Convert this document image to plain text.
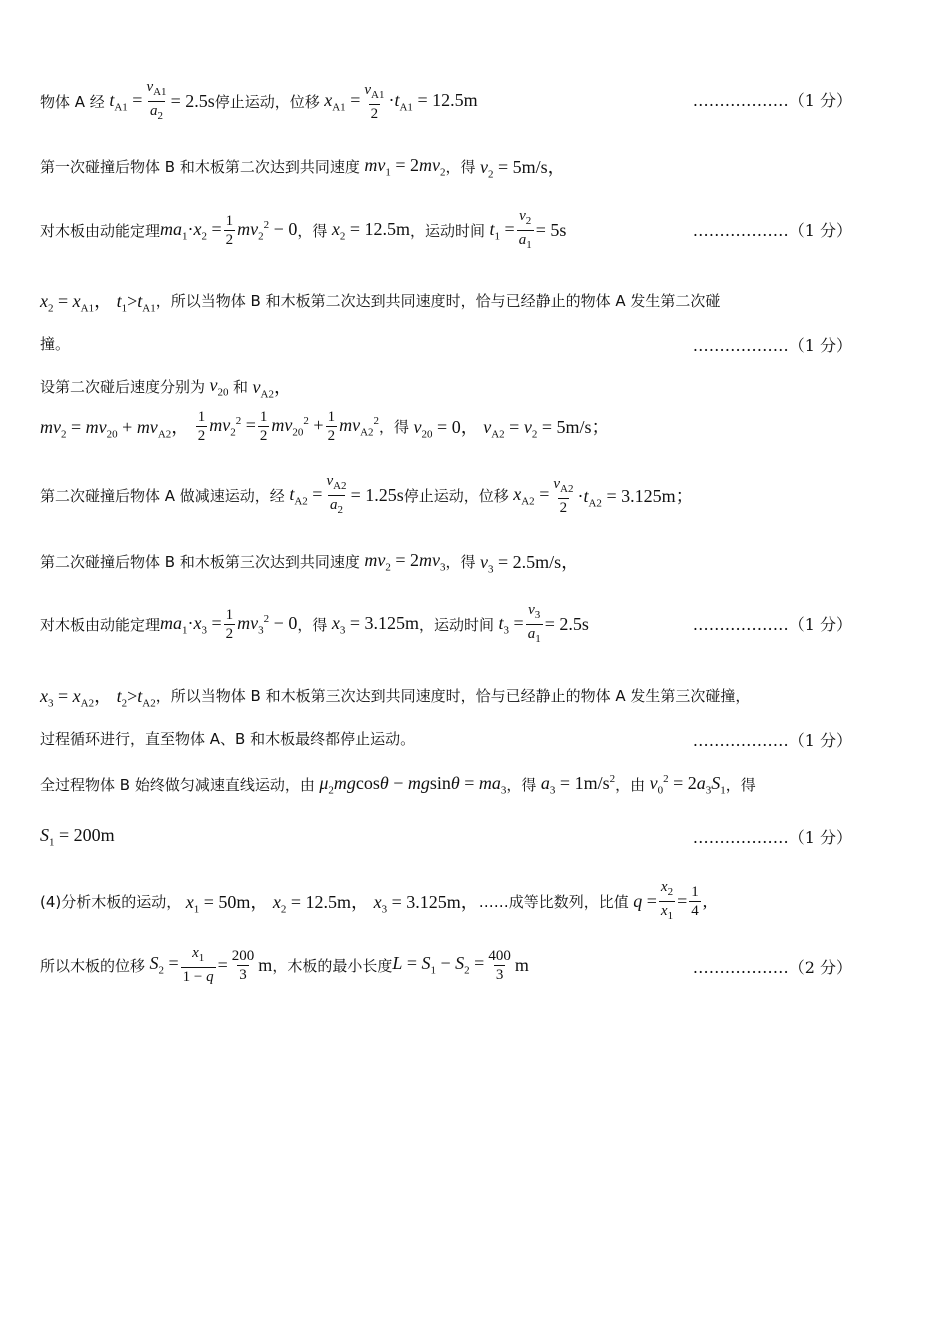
物体 A 经 $t_{A1} = \frac{v_{A1}}{a_2} = 2.5s$ 停止运动，位移 $x_{A1} = \frac{v_{A1}}{2} \cdot t_{A1} = 12.5m$	………………（1 分）
第一次碰撞后物体 B 和木板第二次达到共同速度 $mv_1 = 2mv_2$ ，得 $v_2 = 5m/s$，
对木板由动能定理 $ma_1\cdot x_2 = \frac{1}{2} mv_2^2 - 0$ ，得 $x_2 = 12.5m$ ，运动时间 $t_1 = \frac{v_2}{a_1} = 5s$	………………（1 分）
$x_2 = x_{A1}$， $t_1>t_{A1}$ ，所以当物体 B 和木板第二次达到共同速度时，恰与已经静止的物体 A 发生第二次碰
撞。	………………（1 分）
设第二次碰后速度分别为 $v_{20}$ 和 $v_{A2}$，
$mv_2 = mv_{20} + mv_{A2}$， $\frac{1}{2} mv_2^2 = \frac{1}{2} mv_{20}^2 + \frac{1}{2} mv_{A2}^2$ ，得 $v_{20} = 0$， $v_{A2} = v_2 = 5m/s$；
第二次碰撞后物体 A 做减速运动，经 $t_{A2} = \frac{v_{A2}}{a_2} = 1.25s$ 停止运动，位移 $x_{A2} = \frac{v_{A2}}{2} \cdot t_{A2} = 3.125m$；
第二次碰撞后物体 B 和木板第三次达到共同速度 $mv_2 = 2mv_3$ ，得 $v_3 = 2.5m/s$，
对木板由动能定理 $ma_1\cdot x_3 = \frac{1}{2} mv_3^2 - 0$ ，得 $x_3 = 3.125m$ ，运动时间 $t_3 = \frac{v_3}{a_1} = 2.5s$	………………（1 分）
$x_3 = x_{A2}$， $t_2>t_{A2}$ ，所以当物体 B 和木板第三次达到共同速度时，恰与已经静止的物体 A 发生第三次碰撞，
过程循环进行，直至物体 A、B 和木板最终都停止运动。	………………（1 分）
全过程物体 B 始终做匀减速直线运动，由 $\mu_2mgcos\theta - mgsin\theta = ma_3$ ，得 $a_3 = 1m/s^2$ ，由 $v_0^2 = 2a_3S_1$ ，得
$S_1 = 200m$	………………（1 分）
(4)分析木板的运动， $x_1 = 50m$， $x_2 = 12.5m$， $x_3 = 3.125m$， ……成等比数列，比值 $q = \frac{x_2}{x_1} = \frac{1}{4}$ ,
所以木板的位移 $S_2 = \frac{x_1}{1 - q} = \frac{200}{3}$ m ，木板的最小长度 $L = S_1 - S_2 = \frac{400}{3}$ m	………………（2 分）
